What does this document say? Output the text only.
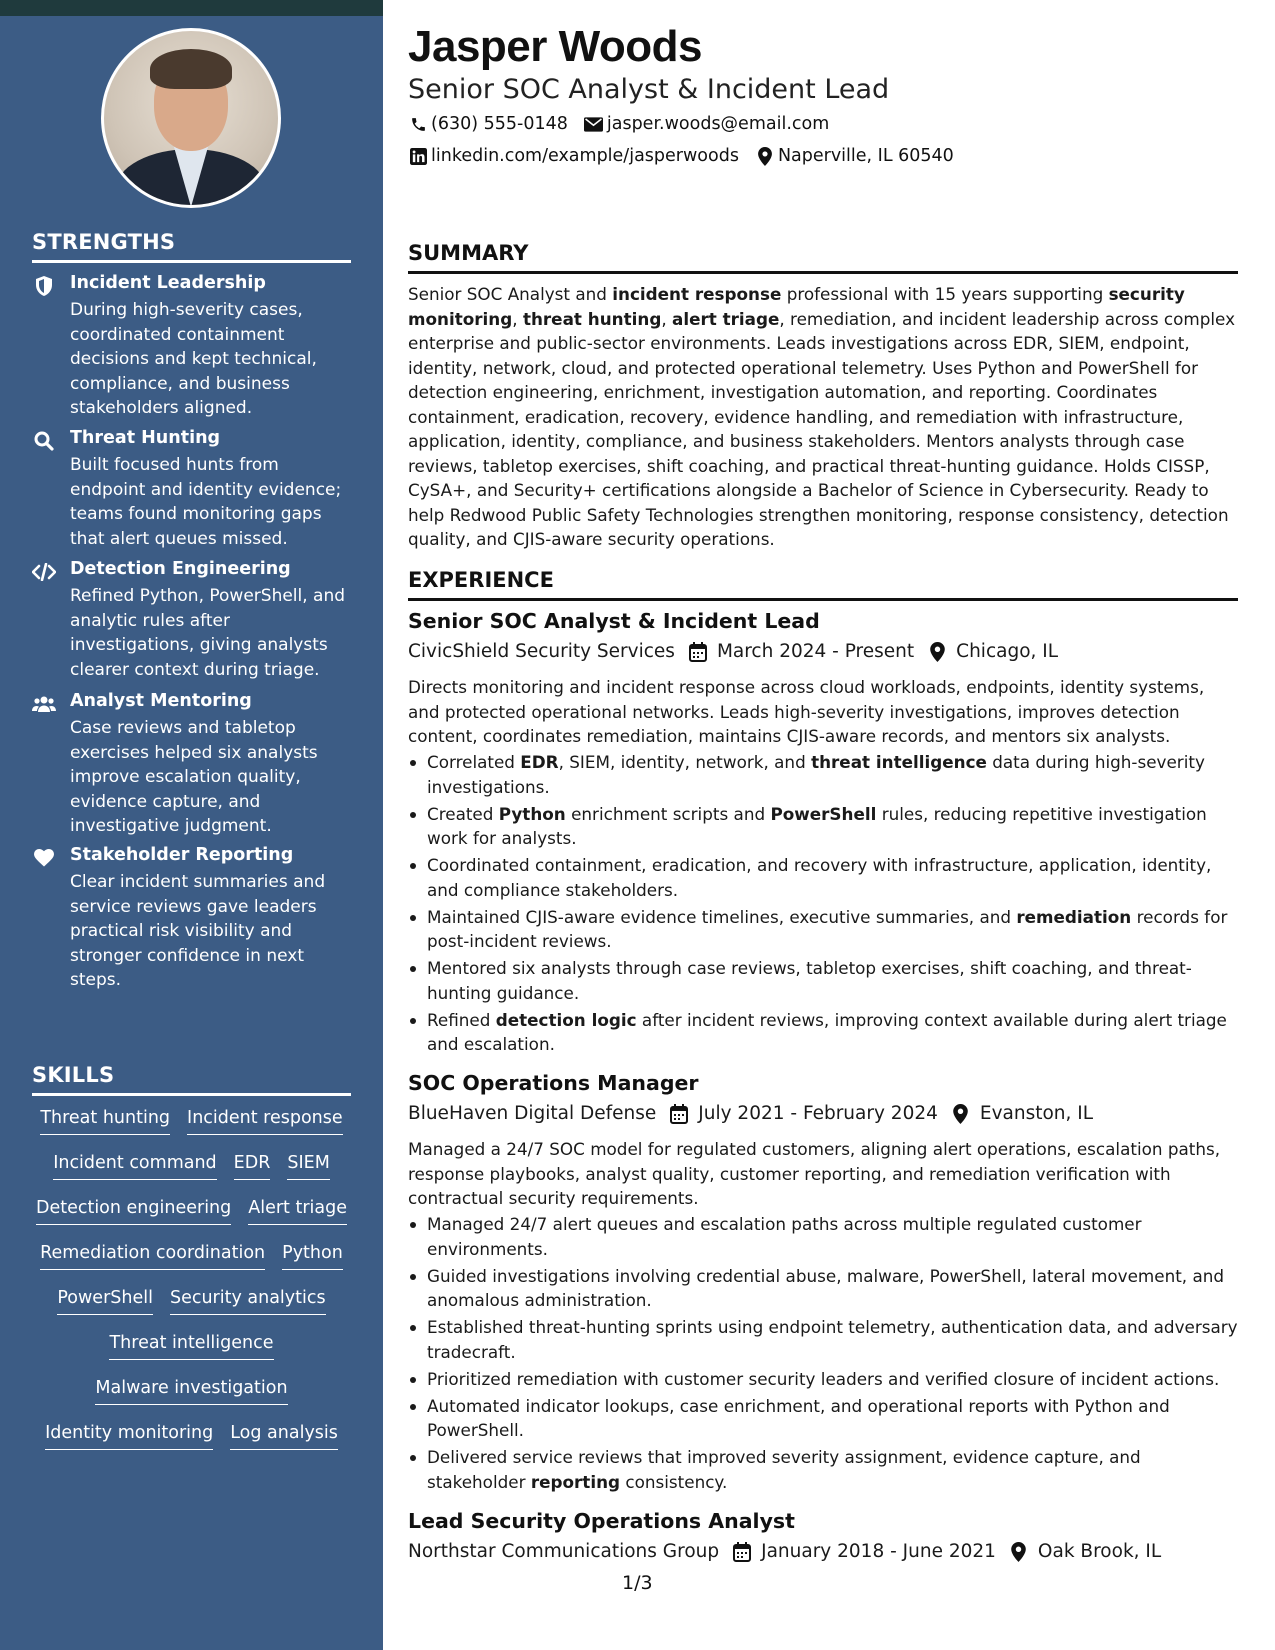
STRENGTHS
Incident Leadership
During high-severity cases, coordinated containment decisions and kept technical, compliance, and business stakeholders aligned.
Threat Hunting
Built focused hunts from endpoint and identity evidence; teams found monitoring gaps that alert queues missed.
Detection Engineering
Refined Python, PowerShell, and analytic rules after investigations, giving analysts clearer context during triage.
Analyst Mentoring
Case reviews and tabletop exercises helped six analysts improve escalation quality, evidence capture, and investigative judgment.
Stakeholder Reporting
Clear incident summaries and service reviews gave leaders practical risk visibility and stronger confidence in next steps.
SKILLS
Threat hunting Incident response
Incident command EDR SIEM
Detection engineering Alert triage
Remediation coordination Python
PowerShell Security analytics
Threat intelligence
Malware investigation
Identity monitoring Log analysis
Jasper Woods
Senior SOC Analyst & Incident Lead
(630) 555-0148 jasper.woods@email.com
linkedin.com/example/jasperwoods Naperville, IL 60540
SUMMARY
Senior SOC Analyst and incident response professional with 15 years supporting security monitoring, threat hunting, alert triage, remediation, and incident leadership across complex enterprise and public-sector environments. Leads investigations across EDR, SIEM, endpoint, identity, network, cloud, and protected operational telemetry. Uses Python and PowerShell for detection engineering, enrichment, investigation automation, and reporting. Coordinates containment, eradication, recovery, evidence handling, and remediation with infrastructure, application, identity, compliance, and business stakeholders. Mentors analysts through case reviews, tabletop exercises, shift coaching, and practical threat-hunting guidance. Holds CISSP, CySA+, and Security+ certifications alongside a Bachelor of Science in Cybersecurity. Ready to help Redwood Public Safety Technologies strengthen monitoring, response consistency, detection quality, and CJIS-aware security operations.
EXPERIENCE
Senior SOC Analyst & Incident Lead
CivicShield Security Services March 2024 - Present Chicago, IL
Directs monitoring and incident response across cloud workloads, endpoints, identity systems, and protected operational networks. Leads high-severity investigations, improves detection content, coordinates remediation, maintains CJIS-aware records, and mentors six analysts.
Correlated EDR, SIEM, identity, network, and threat intelligence data during high-severity investigations.
Created Python enrichment scripts and PowerShell rules, reducing repetitive investigation work for analysts.
Coordinated containment, eradication, and recovery with infrastructure, application, identity, and compliance stakeholders.
Maintained CJIS-aware evidence timelines, executive summaries, and remediation records for post-incident reviews.
Mentored six analysts through case reviews, tabletop exercises, shift coaching, and threat-hunting guidance.
Refined detection logic after incident reviews, improving context available during alert triage and escalation.
SOC Operations Manager
BlueHaven Digital Defense July 2021 - February 2024 Evanston, IL
Managed a 24/7 SOC model for regulated customers, aligning alert operations, escalation paths, response playbooks, analyst quality, customer reporting, and remediation verification with contractual security requirements.
Managed 24/7 alert queues and escalation paths across multiple regulated customer environments.
Guided investigations involving credential abuse, malware, PowerShell, lateral movement, and anomalous administration.
Established threat-hunting sprints using endpoint telemetry, authentication data, and adversary tradecraft.
Prioritized remediation with customer security leaders and verified closure of incident actions.
Automated indicator lookups, case enrichment, and operational reports with Python and PowerShell.
Delivered service reviews that improved severity assignment, evidence capture, and stakeholder reporting consistency.
Lead Security Operations Analyst
Northstar Communications Group January 2018 - June 2021 Oak Brook, IL
1/3
